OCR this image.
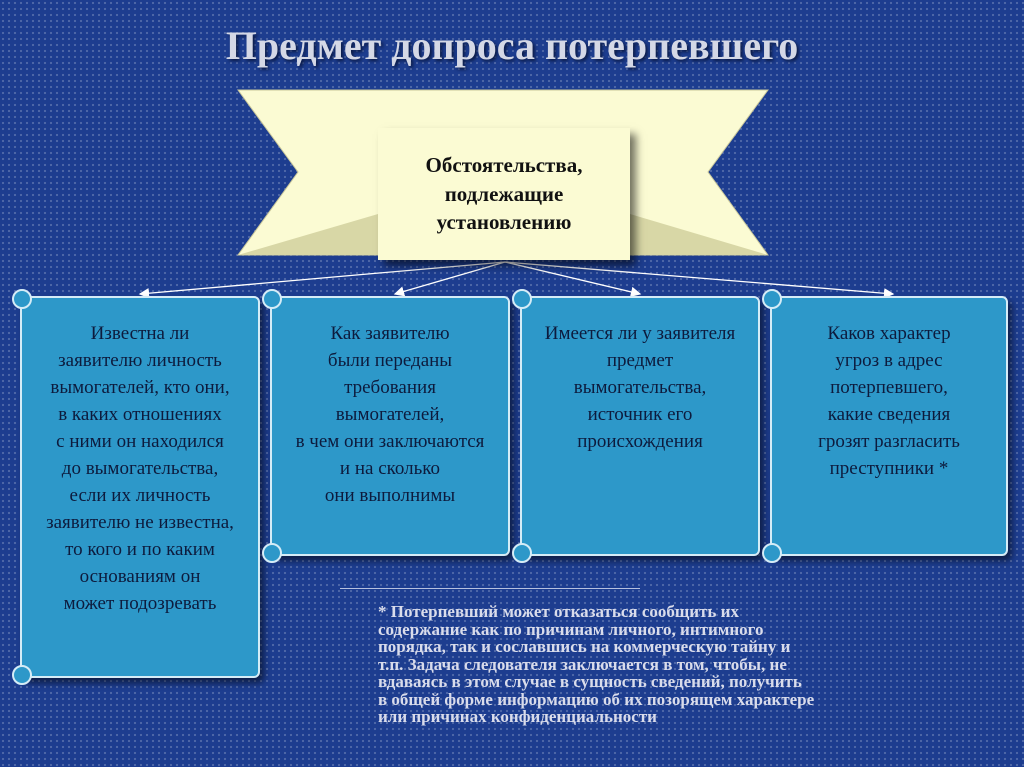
Предмет допроса потерпевшего
Обстоятельства,
подлежащие
установлению
Известна ли
заявителю личность
вымогателей, кто они,
в каких отношениях
с ними он находился
до вымогательства,
если их личность
заявителю не известна,
то кого и по каким
основаниям он
может подозревать
Как заявителю
были переданы
требования
вымогателей,
в чем они заключаются
и на сколько
они выполнимы
Имеется ли у заявителя
предмет
вымогательства,
источник его
происхождения
Каков характер
угроз в адрес
потерпевшего,
какие сведения
грозят разгласить
преступники *
* Потерпевший может отказаться сообщить их
содержание как по причинам личного, интимного
порядка, так и сославшись на коммерческую тайну и
т.п. Задача следователя заключается в том, чтобы, не
вдаваясь в этом случае в сущность сведений, получить
в общей форме информацию об их позорящем характере
или причинах конфиденциальности
